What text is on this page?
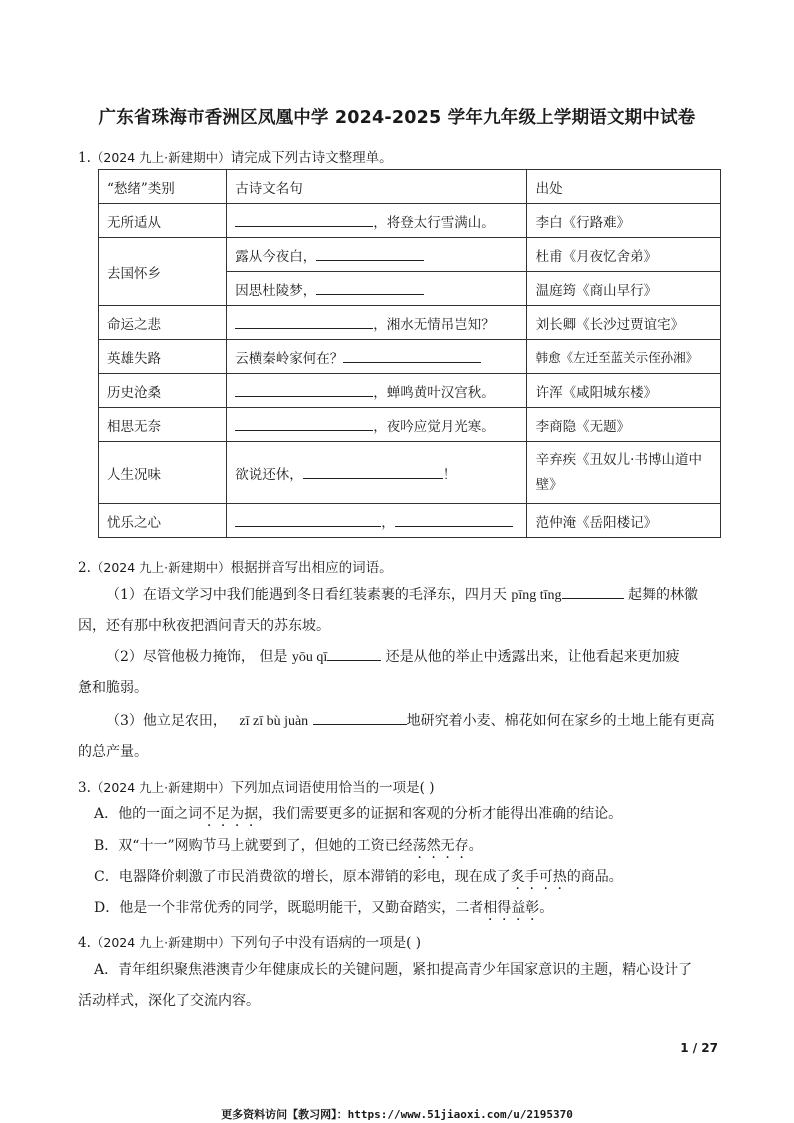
广东省珠海市香洲区凤凰中学 2024-2025 学年九年级上学期语文期中试卷
1.（2024 九上·新建期中）请完成下列古诗文整理单。
“愁绪”类别	古诗文名句	出处
无所适从	，将登太行雪满山。	李白《行路难》
去国怀乡	露从今夜白，	杜甫《月夜忆舍弟》
	因思杜陵梦，	温庭筠《商山早行》
命运之悲	，湘水无情吊岂知？	刘长卿《长沙过贾谊宅》
英雄失路	云横秦岭家何在？	韩愈《左迁至蓝关示侄孙湘》
历史沧桑	，蝉鸣黄叶汉宫秋。	许浑《咸阳城东楼》
相思无奈	，夜吟应觉月光寒。	李商隐《无题》
人生况味	欲说还休， ！	辛弃疾《丑奴儿·书博山道中壁》
忧乐之心	，	范仲淹《岳阳楼记》
2.（2024 九上·新建期中）根据拼音写出相应的词语。
（1）在语文学习中我们能遇到冬日看红装素裹的毛泽东，四月天 pīng tīng	起舞的林徽
因，还有那中秋夜把酒问青天的苏东坡。
（2）尽管他极力掩饰， 但是 yōu qī	还是从他的举止中透露出来，让他看起来更加疲
惫和脆弱。
（3）他立足农田， zī zī bù juàn	地研究着小麦、棉花如何在家乡的土地上能有更高
的总产量。
3.（2024 九上·新建期中）下列加点词语使用恰当的一项是( )
A．他的一面之词不足为据，我们需要更多的证据和客观的分析才能得出准确的结论。
B．双“十一”网购节马上就要到了，但她的工资已经荡然无存。
C．电器降价刺激了市民消费欲的增长，原本滞销的彩电，现在成了炙手可热的商品。
D．他是一个非常优秀的同学，既聪明能干，又勤奋踏实，二者相得益彰。
4.（2024 九上·新建期中）下列句子中没有语病的一项是( )
A．青年组织聚焦港澳青少年健康成长的关键问题，紧扣提高青少年国家意识的主题，精心设计了
活动样式，深化了交流内容。
1 / 27
更多资料访问【教习网】：https://www.51jiaoxi.com/u/2195370
